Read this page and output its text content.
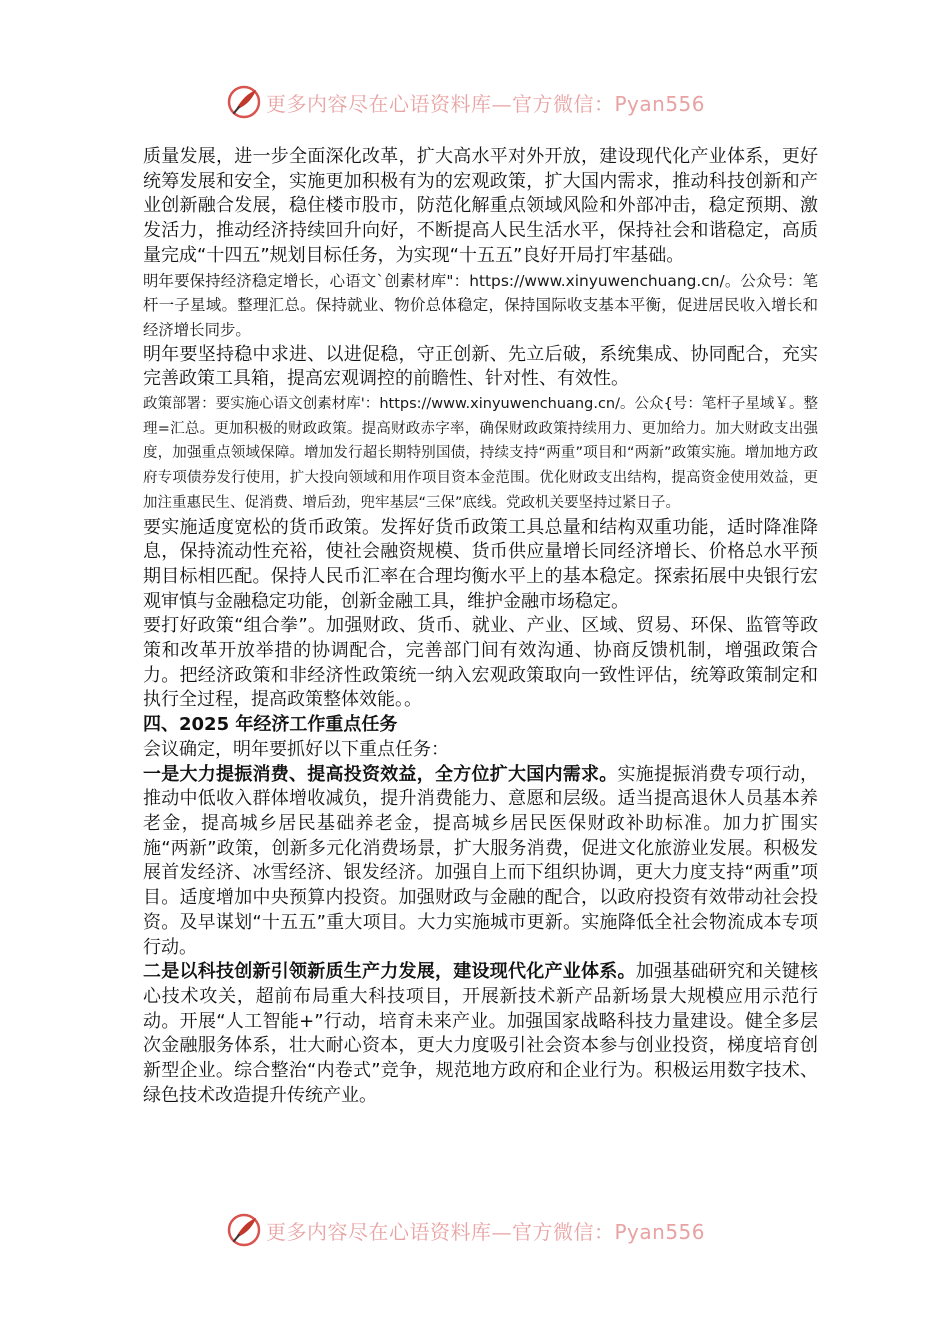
更多内容尽在心语资料库—官方微信：Pyan556

质量发展，进一步全面深化改革，扩大高水平对外开放，建设现代化产业体系，更好统筹发展和安全，实施更加积极有为的宏观政策，扩大国内需求，推动科技创新和产业创新融合发展，稳住楼市股市，防范化解重点领域风险和外部冲击，稳定预期、激发活力，推动经济持续回升向好，不断提高人民生活水平，保持社会和谐稳定，高质量完成“十四五”规划目标任务，为实现“十五五”良好开局打牢基础。

明年要保持经济稳定增长，心语文`创素材库"：https://www.xinyuwenchuang.cn/。公众号：笔杆一子星域。整理汇总。保持就业、物价总体稳定，保持国际收支基本平衡，促进居民收入增长和经济增长同步。

明年要坚持稳中求进、以进促稳，守正创新、先立后破，系统集成、协同配合，充实完善政策工具箱，提高宏观调控的前瞻性、针对性、有效性。

政策部署：要实施心语文创素材库'：https://www.xinyuwenchuang.cn/。公众{号：笔杆子星域￥。整理=汇总。更加积极的财政政策。提高财政赤字率，确保财政政策持续用力、更加给力。加大财政支出强度，加强重点领域保障。增加发行超长期特别国债，持续支持“两重”项目和“两新”政策实施。增加地方政府专项债券发行使用，扩大投向领域和用作项目资本金范围。优化财政支出结构，提高资金使用效益，更加注重惠民生、促消费、增后劲，兜牢基层“三保”底线。党政机关要坚持过紧日子。

要实施适度宽松的货币政策。发挥好货币政策工具总量和结构双重功能，适时降准降息，保持流动性充裕，使社会融资规模、货币供应量增长同经济增长、价格总水平预期目标相匹配。保持人民币汇率在合理均衡水平上的基本稳定。探索拓展中央银行宏观审慎与金融稳定功能，创新金融工具，维护金融市场稳定。

要打好政策“组合拳”。加强财政、货币、就业、产业、区域、贸易、环保、监管等政策和改革开放举措的协调配合，完善部门间有效沟通、协商反馈机制，增强政策合力。把经济政策和非经济性政策统一纳入宏观政策取向一致性评估，统筹政策制定和执行全过程，提高政策整体效能。。

四、2025 年经济工作重点任务

会议确定，明年要抓好以下重点任务：

一是大力提振消费、提高投资效益，全方位扩大国内需求。实施提振消费专项行动，推动中低收入群体增收减负，提升消费能力、意愿和层级。适当提高退休人员基本养老金，提高城乡居民基础养老金，提高城乡居民医保财政补助标准。加力扩围实施“两新”政策，创新多元化消费场景，扩大服务消费，促进文化旅游业发展。积极发展首发经济、冰雪经济、银发经济。加强自上而下组织协调，更大力度支持“两重”项目。适度增加中央预算内投资。加强财政与金融的配合，以政府投资有效带动社会投资。及早谋划“十五五”重大项目。大力实施城市更新。实施降低全社会物流成本专项行动。

二是以科技创新引领新质生产力发展，建设现代化产业体系。加强基础研究和关键核心技术攻关，超前布局重大科技项目，开展新技术新产品新场景大规模应用示范行动。开展“人工智能+”行动，培育未来产业。加强国家战略科技力量建设。健全多层次金融服务体系，壮大耐心资本，更大力度吸引社会资本参与创业投资，梯度培育创新型企业。综合整治“内卷式”竞争，规范地方政府和企业行为。积极运用数字技术、绿色技术改造提升传统产业。

更多内容尽在心语资料库—官方微信：Pyan556
